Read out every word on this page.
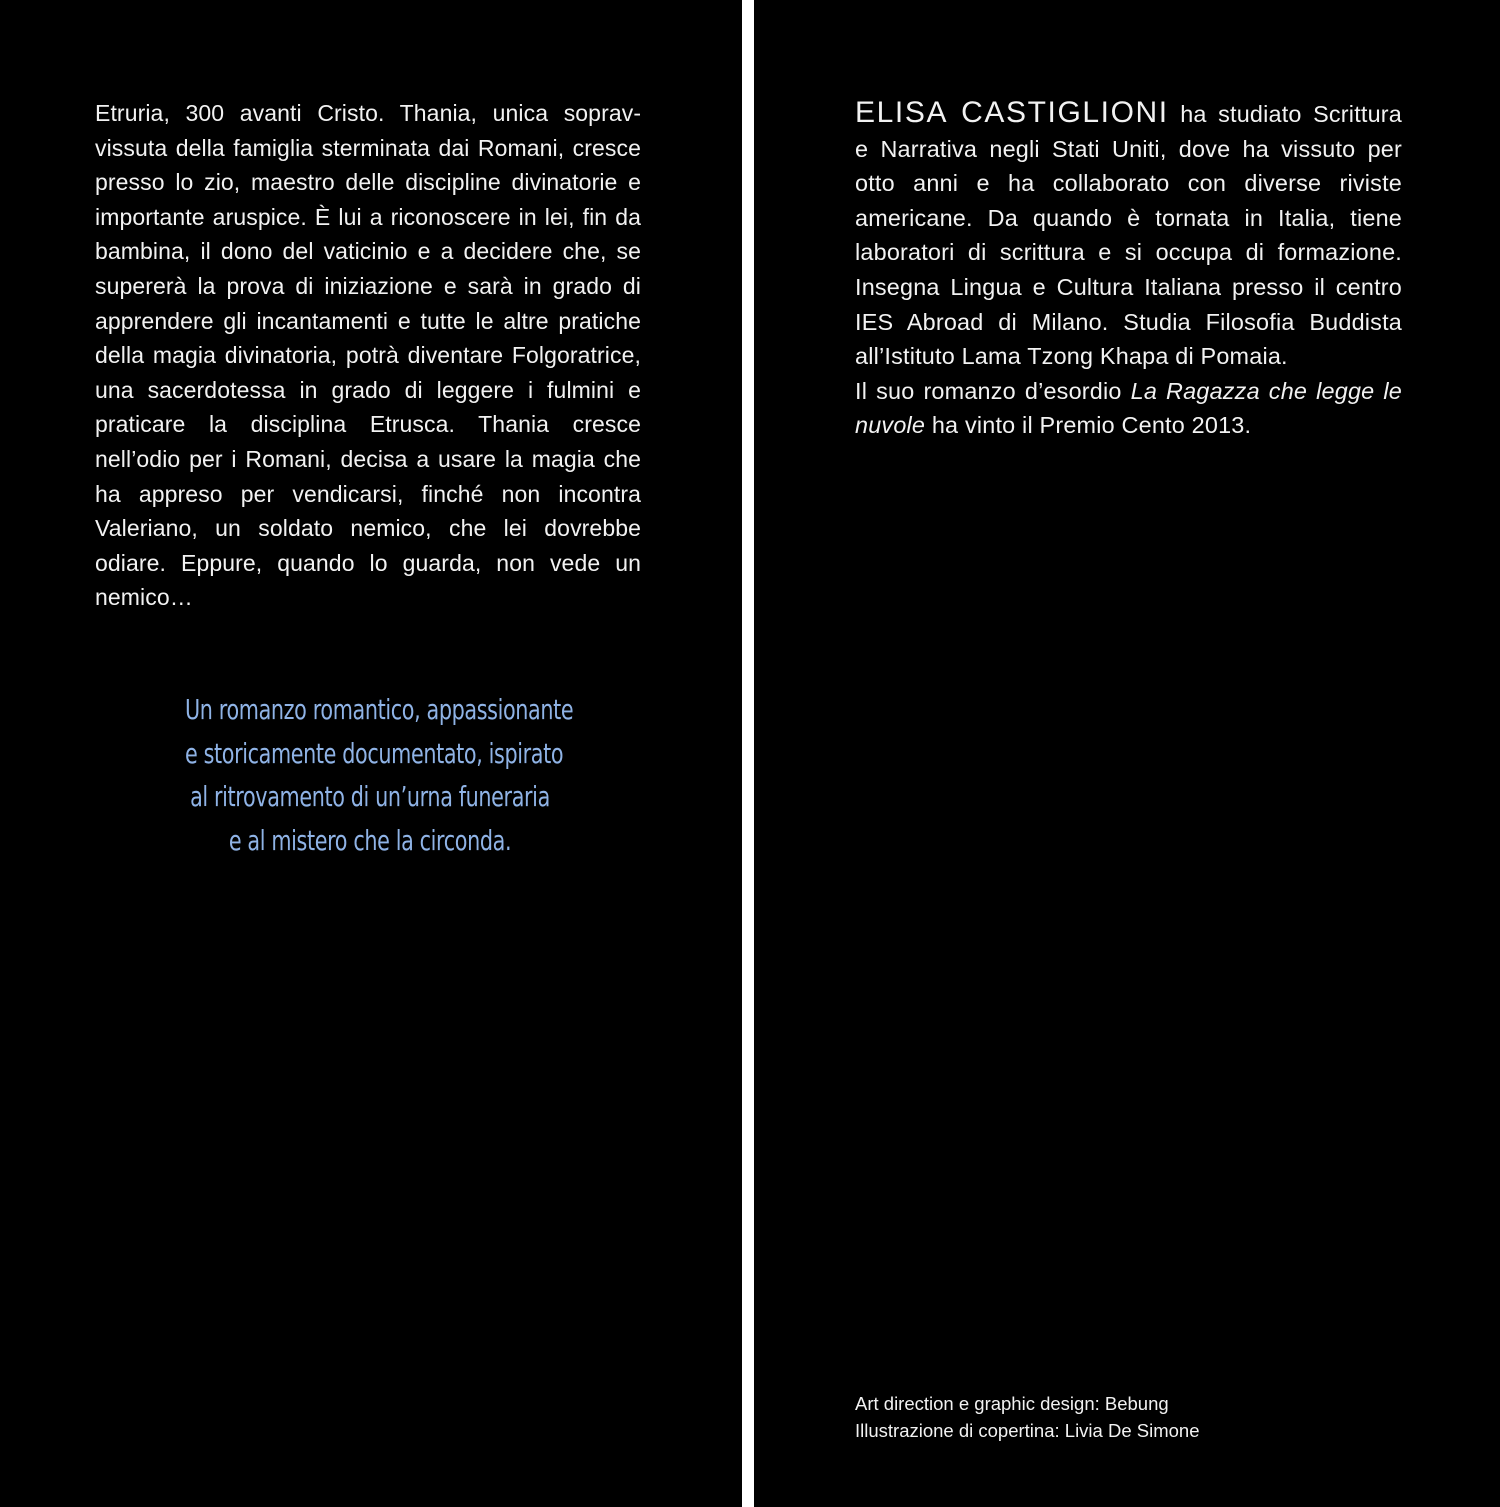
Etruria, 300 avanti Cristo. Thania, unica sopravvissuta della famiglia sterminata dai Romani, cresce presso lo zio, maestro delle discipline divinatorie e importante aruspice. È lui a riconoscere in lei, fin da bambina, il dono del vaticinio e a decidere che, se supererà la prova di iniziazione e sarà in grado di apprendere gli incantamenti e tutte le altre pratiche della magia divinatoria, potrà diventare Folgoratrice, una sacerdotessa in grado di leggere i fulmini e praticare la disciplina Etrusca. Thania cresce nell’odio per i Romani, decisa a usare la magia che ha appreso per vendicarsi, finché non incontra Valeriano, un soldato nemico, che lei dovrebbe odiare. Eppure, quando lo guarda, non vede un nemico…

Un romanzo romantico, appassionante
e storicamente documentato, ispirato
al ritrovamento di un’urna funeraria
e al mistero che la circonda.

ELISA CASTIGLIONI ha studiato Scrittura e Narrativa negli Stati Uniti, dove ha vissuto per otto anni e ha collaborato con diverse riviste americane. Da quando è tornata in Italia, tiene laboratori di scrittura e si occupa di formazione. Insegna Lingua e Cultura Italiana presso il centro IES Abroad di Milano. Studia Filosofia Buddista all’Istituto Lama Tzong Khapa di Pomaia.
Il suo romanzo d’esordio La Ragazza che legge le nuvole ha vinto il Premio Cento 2013.

Art direction e graphic design: Bebung
Illustrazione di copertina: Livia De Simone
